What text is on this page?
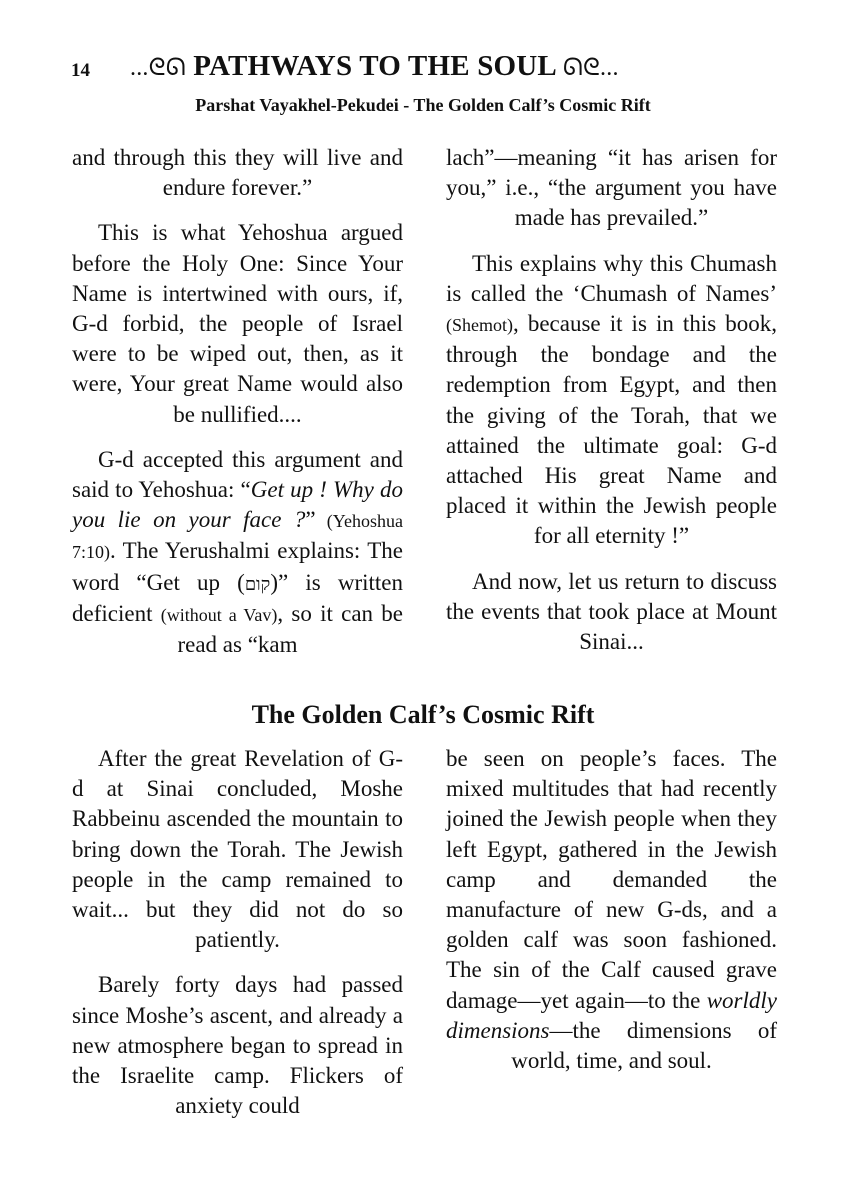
14 ...ᘓᘏ PATHWAYS TO THE SOUL ᘏᘓ...
Parshat Vayakhel-Pekudei - The Golden Calf’s Cosmic Rift

and through this they will live and endure forever.”

This is what Yehoshua argued before the Holy One: Since Your Name is intertwined with ours, if, G-d forbid, the people of Israel were to be wiped out, then, as it were, Your great Name would also be nullified....

G-d accepted this argument and said to Yehoshua: “Get up ! Why do you lie on your face ?” (Yehoshua 7:10). The Yerushalmi explains: The word “Get up (קום)” is written deficient (without a Vav), so it can be read as “kam

lach”—meaning “it has arisen for you,” i.e., “the argument you have made has prevailed.”

This explains why this Chumash is called the ‘Chumash of Names’ (Shemot), because it is in this book, through the bondage and the redemption from Egypt, and then the giving of the Torah, that we attained the ultimate goal: G-d attached His great Name and placed it within the Jewish people for all eternity !”

And now, let us return to discuss the events that took place at Mount Sinai...

The Golden Calf’s Cosmic Rift

After the great Revelation of G-d at Sinai concluded, Moshe Rabbeinu ascended the mountain to bring down the Torah. The Jewish people in the camp remained to wait... but they did not do so patiently.

Barely forty days had passed since Moshe’s ascent, and already a new atmosphere began to spread in the Israelite camp. Flickers of anxiety could

be seen on people’s faces. The mixed multitudes that had recently joined the Jewish people when they left Egypt, gathered in the Jewish camp and demanded the manufacture of new G-ds, and a golden calf was soon fashioned. The sin of the Calf caused grave damage—yet again—to the worldly dimensions—the dimensions of world, time, and soul.
